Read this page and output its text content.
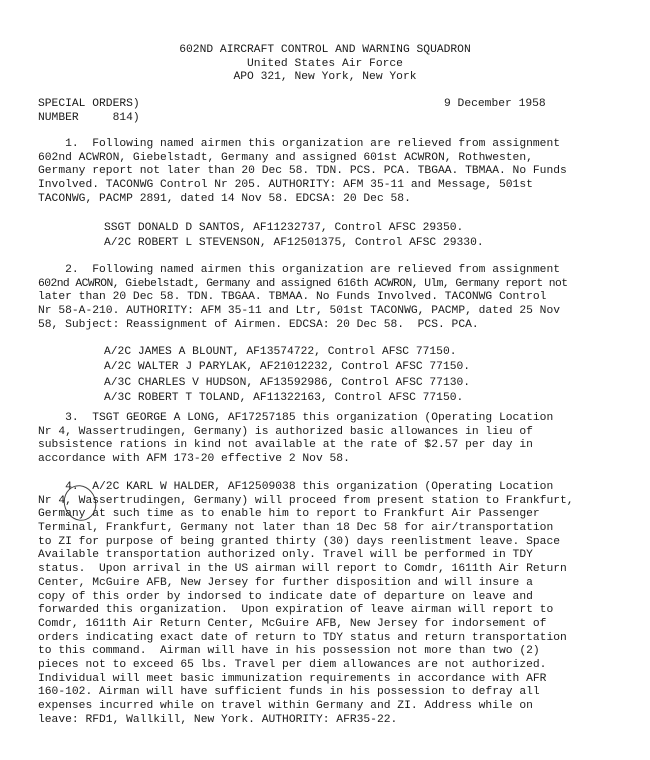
602ND AIRCRAFT CONTROL AND WARNING SQUADRON
United States Air Force
APO 321, New York, New York
SPECIAL ORDERS)
NUMBER     814)
9 December 1958
1.  Following named airmen this organization are relieved from assignment
602nd ACWRON, Giebelstadt, Germany and assigned 601st ACWRON, Rothwesten,
Germany report not later than 20 Dec 58. TDN. PCS. PCA. TBGAA. TBMAA. No Funds
Involved. TACONWG Control Nr 205. AUTHORITY: AFM 35-11 and Message, 501st
TACONWG, PACMP 2891, dated 14 Nov 58. EDCSA: 20 Dec 58.
SSGT DONALD D SANTOS, AF11232737, Control AFSC 29350.
A/2C ROBERT L STEVENSON, AF12501375, Control AFSC 29330.
2.  Following named airmen this organization are relieved from assignment
602nd ACWRON, Giebelstadt, Germany and assigned 616th ACWRON, Ulm, Germany report not
later than 20 Dec 58. TDN. TBGAA. TBMAA. No Funds Involved. TACONWG Control
Nr 58-A-210. AUTHORITY: AFM 35-11 and Ltr, 501st TACONWG, PACMP, dated 25 Nov
58, Subject: Reassignment of Airmen. EDCSA: 20 Dec 58.  PCS. PCA.
A/2C JAMES A BLOUNT, AF13574722, Control AFSC 77150.
A/2C WALTER J PARYLAK, AF21012232, Control AFSC 77150.
A/3C CHARLES V HUDSON, AF13592986, Control AFSC 77130.
A/3C ROBERT T TOLAND, AF11322163, Control AFSC 77150.
3.  TSGT GEORGE A LONG, AF17257185 this organization (Operating Location
Nr 4, Wassertrudingen, Germany) is authorized basic allowances in lieu of
subsistence rations in kind not available at the rate of $2.57 per day in
accordance with AFM 173-20 effective 2 Nov 58.
4.  A/2C KARL W HALDER, AF12509038 this organization (Operating Location
Nr 4, Wassertrudingen, Germany) will proceed from present station to Frankfurt,
Germany at such time as to enable him to report to Frankfurt Air Passenger
Terminal, Frankfurt, Germany not later than 18 Dec 58 for air/transportation
to ZI for purpose of being granted thirty (30) days reenlistment leave. Space
Available transportation authorized only. Travel will be performed in TDY
status.  Upon arrival in the US airman will report to Comdr, 1611th Air Return
Center, McGuire AFB, New Jersey for further disposition and will insure a
copy of this order by indorsed to indicate date of departure on leave and
forwarded this organization.  Upon expiration of leave airman will report to
Comdr, 1611th Air Return Center, McGuire AFB, New Jersey for indorsement of
orders indicating exact date of return to TDY status and return transportation
to this command.  Airman will have in his possession not more than two (2)
pieces not to exceed 65 lbs. Travel per diem allowances are not authorized.
Individual will meet basic immunization requirements in accordance with AFR
160-102. Airman will have sufficient funds in his possession to defray all
expenses incurred while on travel within Germany and ZI. Address while on
leave: RFD1, Wallkill, New York. AUTHORITY: AFR35-22.
